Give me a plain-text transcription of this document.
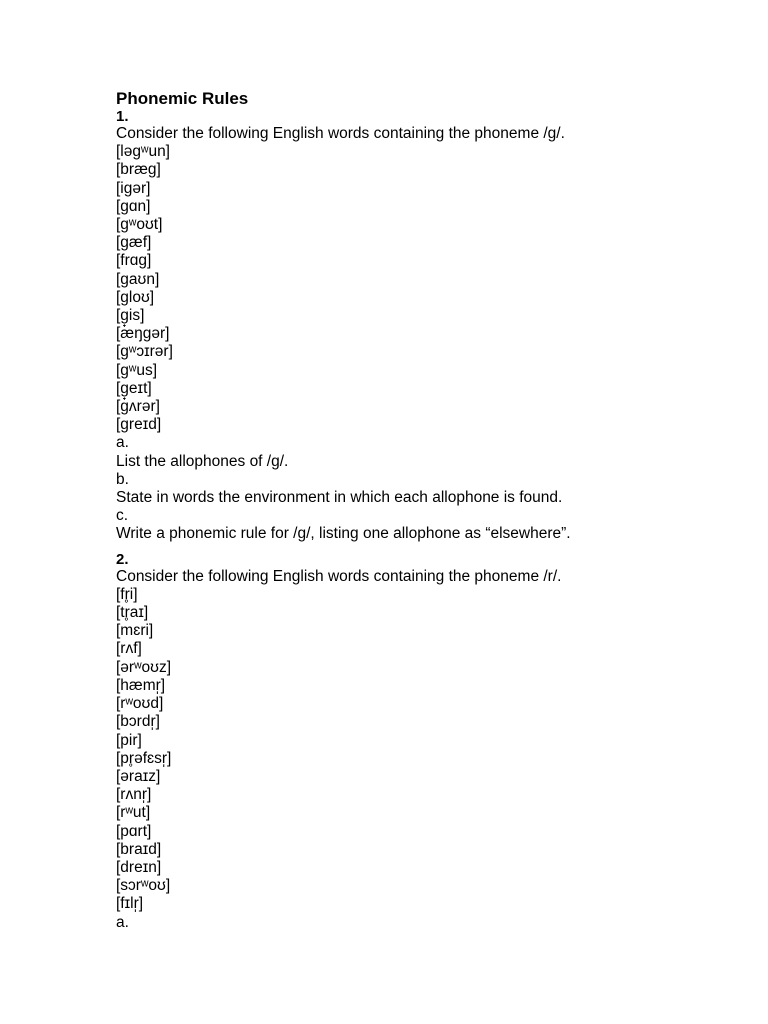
Phonemic Rules

1.

Consider the following English words containing the phoneme /g/.

[ləgʷun]

[bræg]

[igər]

[gɑn]

[gʷoʊt]

[gæf]

[frɑg]

[gaʊn]

[gloʊ]

[g̟is]

[æŋgər]

[gʷɔɪrər]

[gʷus]

[g̟eɪt]

[gʌrər]

[greɪd]

a.

List the allophones of /g/.

b.

State in words the environment in which each allophone is found.

c.

Write a phonemic rule for /g/, listing one allophone as “elsewhere”.

2.

Consider the following English words containing the phoneme /r/.

[fr̥i]

[tr̥aɪ]

[mɛri]

[rʌf]

[ərʷoʊz]

[hæmr̩]

[rʷoʊd]

[bɔrdr̩]

[pir]

[pr̥əfɛsr̩]

[əraɪz]

[rʌnr̩]

[rʷut]

[pɑrt]

[braɪd]

[dreɪn]

[sɔrʷoʊ]

[fɪlr̩]

a.
